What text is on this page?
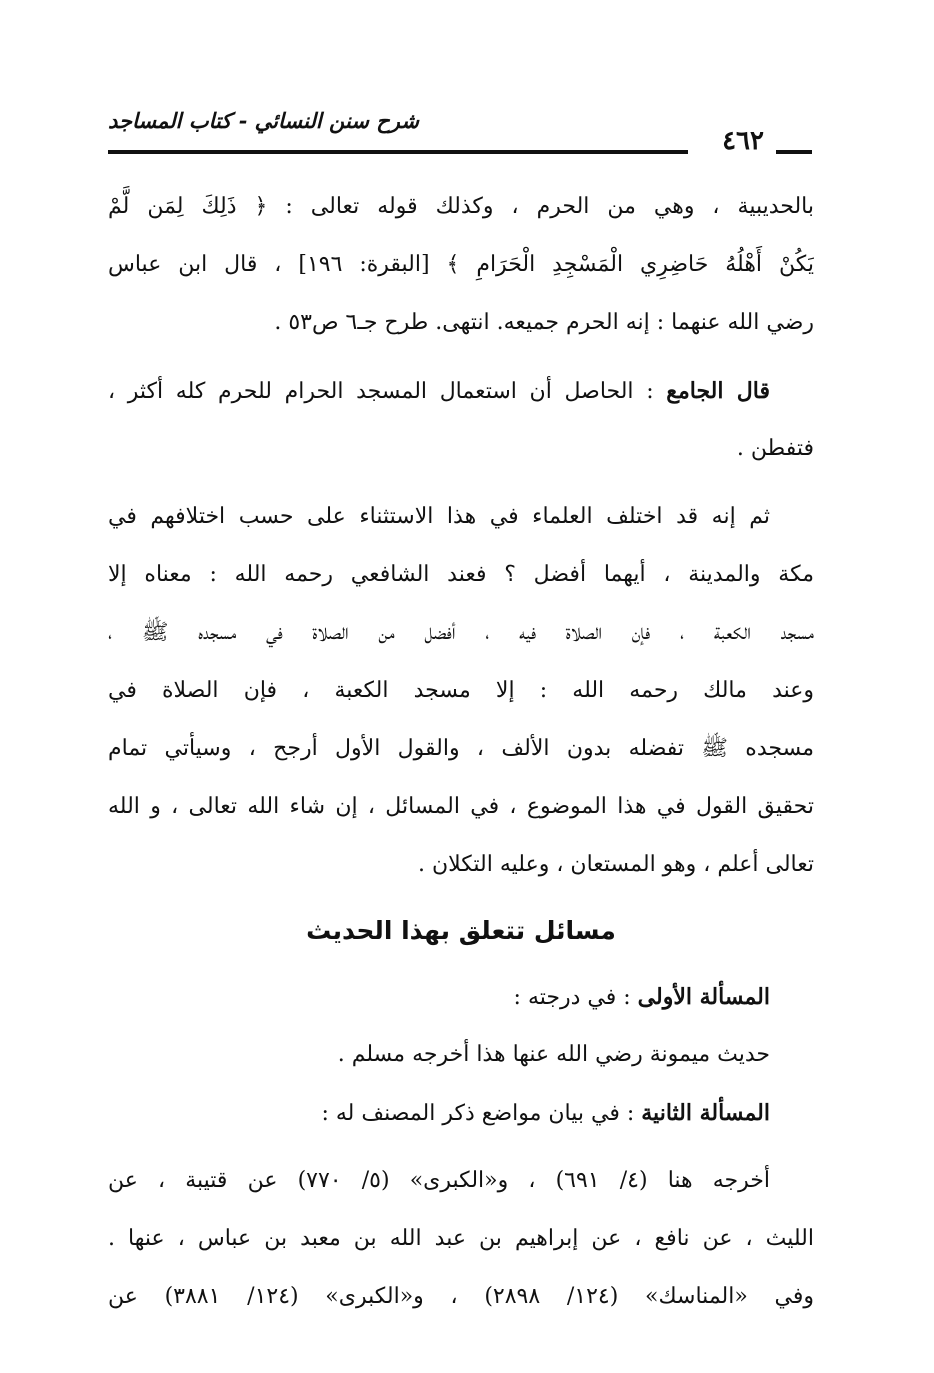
شرح سنن النسائي - كتاب المساجد
٤٦٢
بالحديبية ، وهي من الحرم ، وكذلك قوله تعالى : ﴿ ذَلِكَ لِمَن لَّمْ
يَكُنْ أَهْلُهُ حَاضِرِي الْمَسْجِدِ الْحَرَامِ ﴾ [البقرة: ١٩٦] ، قال ابن عباس
رضي الله عنهما : إنه الحرم جميعه. انتهى. طرح جـ٦ ص٥٣ .
قال الجامع : الحاصل أن استعمال المسجد الحرام للحرم كله أكثر ،
فتفطن .
ثم إنه قد اختلف العلماء في هذا الاستثناء على حسب اختلافهم في
مكة والمدينة ، أيهما أفضل ؟ فعند الشافعي رحمه الله : معناه إلا
مسجد الكعبة ، فإن الصلاة فيه ، أفضل من الصلاة في مسجده ﷺ ،
وعند مالك رحمه الله : إلا مسجد الكعبة ، فإن الصلاة في
مسجده ﷺ تفضله بدون الألف ، والقول الأول أرجح ، وسيأتي تمام
تحقيق القول في هذا الموضوع ، في المسائل ، إن شاء الله تعالى ، و الله
تعالى أعلم ، وهو المستعان ، وعليه التكلان .
مسائل تتعلق بهذا الحديث
المسألة الأولى : في درجته :
حديث ميمونة رضي الله عنها هذا أخرجه مسلم .
المسألة الثانية : في بيان مواضع ذكر المصنف له :
أخرجه هنا (٤/ ٦٩١) ، و«الكبرى» (٥/ ٧٧٠) عن قتيبة ، عن
الليث ، عن نافع ، عن إبراهيم بن عبد الله بن معبد بن عباس ، عنها .
وفي «المناسك» (١٢٤/ ٢٨٩٨) ، و«الكبرى» (١٢٤/ ٣٨٨١) عن
